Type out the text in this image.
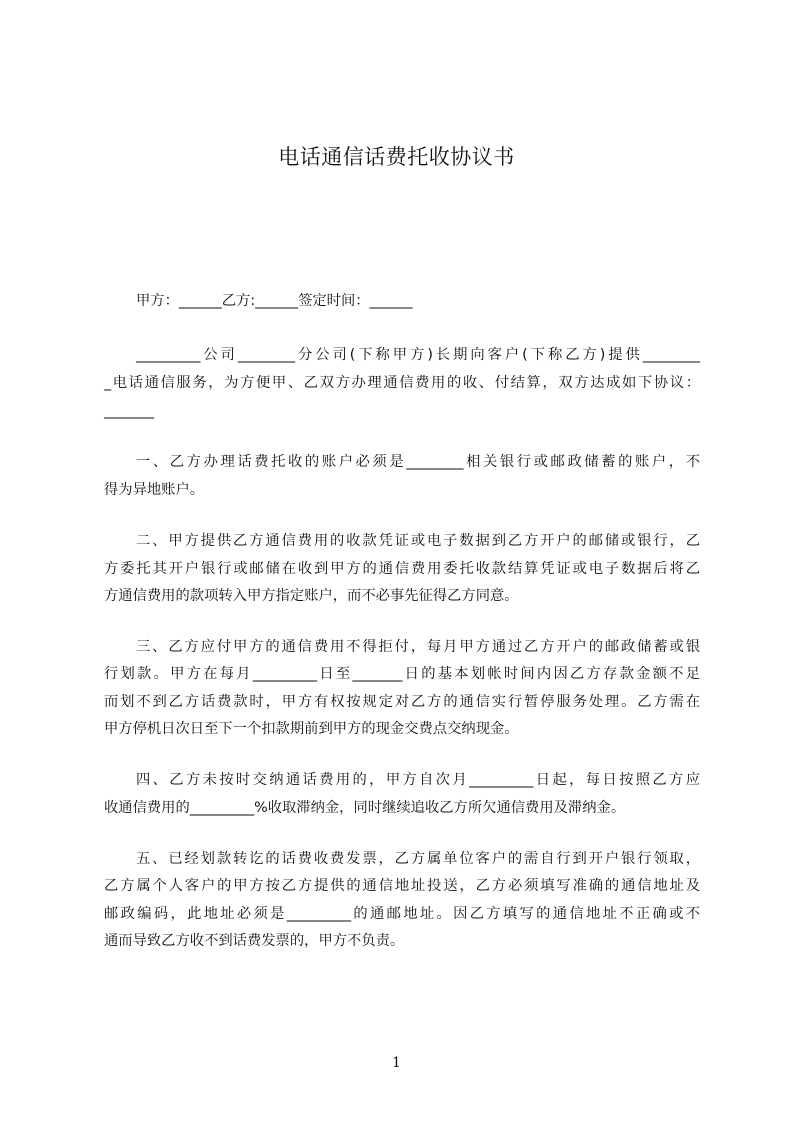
电话通信话费托收协议书
甲方：______乙方:______签定时间：______
_________公司________分公司(下称甲方)长期向客户(下称乙方)提供________
_电话通信服务，为方便甲、乙双方办理通信费用的收、付结算，双方达成如下协议：
_______
一、乙方办理话费托收的账户必须是________相关银行或邮政储蓄的账户，不
得为异地账户。
二、甲方提供乙方通信费用的收款凭证或电子数据到乙方开户的邮储或银行，乙
方委托其开户银行或邮储在收到甲方的通信费用委托收款结算凭证或电子数据后将乙
方通信费用的款项转入甲方指定账户，而不必事先征得乙方同意。
三、乙方应付甲方的通信费用不得拒付，每月甲方通过乙方开户的邮政储蓄或银
行划款。甲方在每月_________日至_______日的基本划帐时间内因乙方存款金额不足
而划不到乙方话费款时，甲方有权按规定对乙方的通信实行暂停服务处理。乙方需在
甲方停机日次日至下一个扣款期前到甲方的现金交费点交纳现金。
四、乙方未按时交纳通话费用的，甲方自次月_________日起，每日按照乙方应
收通信费用的_________%收取滞纳金，同时继续追收乙方所欠通信费用及滞纳金。
五、已经划款转讫的话费收费发票，乙方属单位客户的需自行到开户银行领取，
乙方属个人客户的甲方按乙方提供的通信地址投送，乙方必须填写准确的通信地址及
邮政编码，此地址必须是_________的通邮地址。因乙方填写的通信地址不正确或不
通而导致乙方收不到话费发票的，甲方不负责。
1
